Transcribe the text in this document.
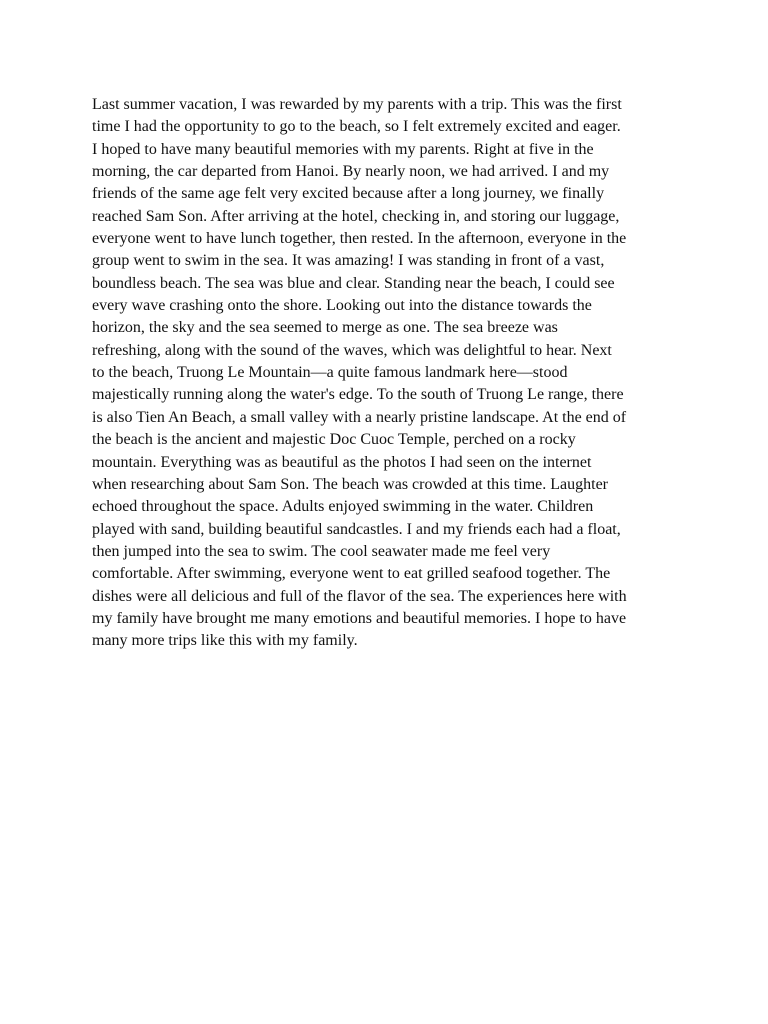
Last summer vacation, I was rewarded by my parents with a trip. This was the first
time I had the opportunity to go to the beach, so I felt extremely excited and eager.
I hoped to have many beautiful memories with my parents. Right at five in the
morning, the car departed from Hanoi. By nearly noon, we had arrived. I and my
friends of the same age felt very excited because after a long journey, we finally
reached Sam Son. After arriving at the hotel, checking in, and storing our luggage,
everyone went to have lunch together, then rested. In the afternoon, everyone in the
group went to swim in the sea. It was amazing! I was standing in front of a vast,
boundless beach. The sea was blue and clear. Standing near the beach, I could see
every wave crashing onto the shore. Looking out into the distance towards the
horizon, the sky and the sea seemed to merge as one. The sea breeze was
refreshing, along with the sound of the waves, which was delightful to hear. Next
to the beach, Truong Le Mountain—a quite famous landmark here—stood
majestically running along the water's edge. To the south of Truong Le range, there
is also Tien An Beach, a small valley with a nearly pristine landscape. At the end of
the beach is the ancient and majestic Doc Cuoc Temple, perched on a rocky
mountain. Everything was as beautiful as the photos I had seen on the internet
when researching about Sam Son. The beach was crowded at this time. Laughter
echoed throughout the space. Adults enjoyed swimming in the water. Children
played with sand, building beautiful sandcastles. I and my friends each had a float,
then jumped into the sea to swim. The cool seawater made me feel very
comfortable. After swimming, everyone went to eat grilled seafood together. The
dishes were all delicious and full of the flavor of the sea. The experiences here with
my family have brought me many emotions and beautiful memories. I hope to have
many more trips like this with my family.
